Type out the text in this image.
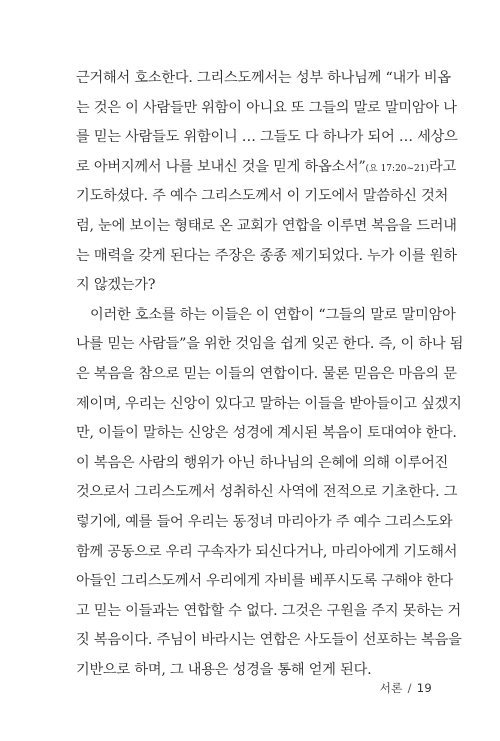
근거해서 호소한다. 그리스도께서는 성부 하나님께 “내가 비옵
는 것은 이 사람들만 위함이 아니요 또 그들의 말로 말미암아 나
를 믿는 사람들도 위함이니 … 그들도 다 하나가 되어 … 세상으
로 아버지께서 나를 보내신 것을 믿게 하옵소서”(요 17:20~21)라고
기도하셨다. 주 예수 그리스도께서 이 기도에서 말씀하신 것처
럼, 눈에 보이는 형태로 온 교회가 연합을 이루면 복음을 드러내
는 매력을 갖게 된다는 주장은 종종 제기되었다. 누가 이를 원하
지 않겠는가?
이러한 호소를 하는 이들은 이 연합이 “그들의 말로 말미암아
나를 믿는 사람들”을 위한 것임을 쉽게 잊곤 한다. 즉, 이 하나 됨
은 복음을 참으로 믿는 이들의 연합이다. 물론 믿음은 마음의 문
제이며, 우리는 신앙이 있다고 말하는 이들을 받아들이고 싶겠지
만, 이들이 말하는 신앙은 성경에 계시된 복음이 토대여야 한다.
이 복음은 사람의 행위가 아닌 하나님의 은혜에 의해 이루어진
것으로서 그리스도께서 성취하신 사역에 전적으로 기초한다. 그
렇기에, 예를 들어 우리는 동정녀 마리아가 주 예수 그리스도와
함께 공동으로 우리 구속자가 되신다거나, 마리아에게 기도해서
아들인 그리스도께서 우리에게 자비를 베푸시도록 구해야 한다
고 믿는 이들과는 연합할 수 없다. 그것은 구원을 주지 못하는 거
짓 복음이다. 주님이 바라시는 연합은 사도들이 선포하는 복음을
기반으로 하며, 그 내용은 성경을 통해 얻게 된다.
서론 / 19
